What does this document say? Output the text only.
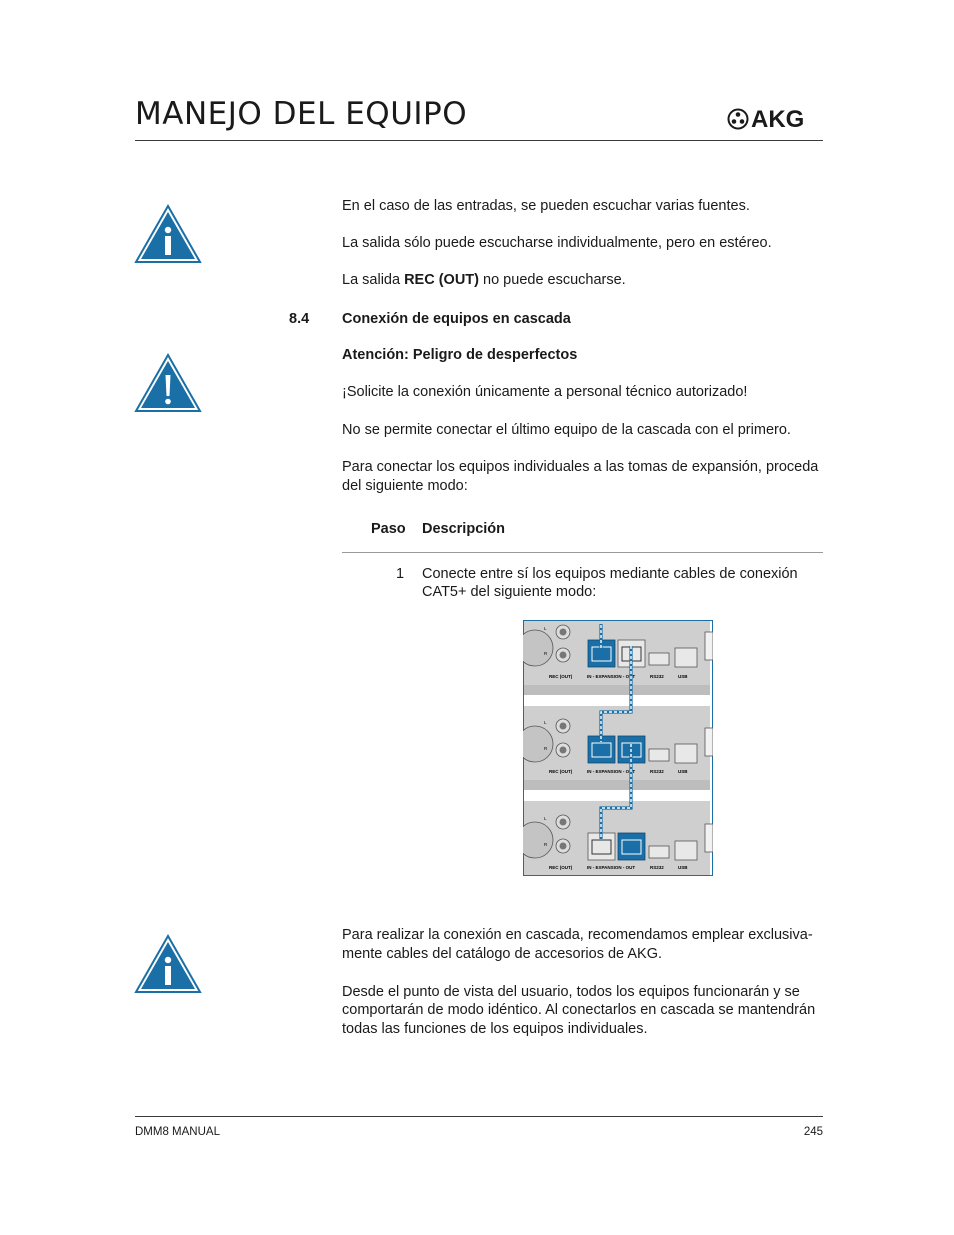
MANEJO DEL EQUIPO	AKG
En el caso de las entradas, se pueden escuchar varias fuentes.
La salida sólo puede escucharse individualmente, pero en estéreo.
La salida REC (OUT) no puede escucharse.
8.4 Conexión de equipos en cascada
Atención: Peligro de desperfectos
¡Solicite la conexión únicamente a personal técnico autorizado!
No se permite conectar el último equipo de la cascada con el primero.
Para conectar los equipos individuales a las tomas de expansión, proceda
del siguiente modo:
Paso Descripción
1 Conecte entre sí los equipos mediante cables de conexión
CAT5+ del siguiente modo:
L
R
REC (OUT)	IN - EXPANSION - OUT	RS232	USB
L
R
REC (OUT)	IN - EXPANSION - OUT	RS232	USB
L
R
REC (OUT)	IN - EXPANSION - OUT	RS232	USB
Para realizar la conexión en cascada, recomendamos emplear exclusiva-
mente cables del catálogo de accesorios de AKG.
Desde el punto de vista del usuario, todos los equipos funcionarán y se
comportarán de modo idéntico. Al conectarlos en cascada se mantendrán
todas las funciones de los equipos individuales.
DMM8 MANUAL	245
